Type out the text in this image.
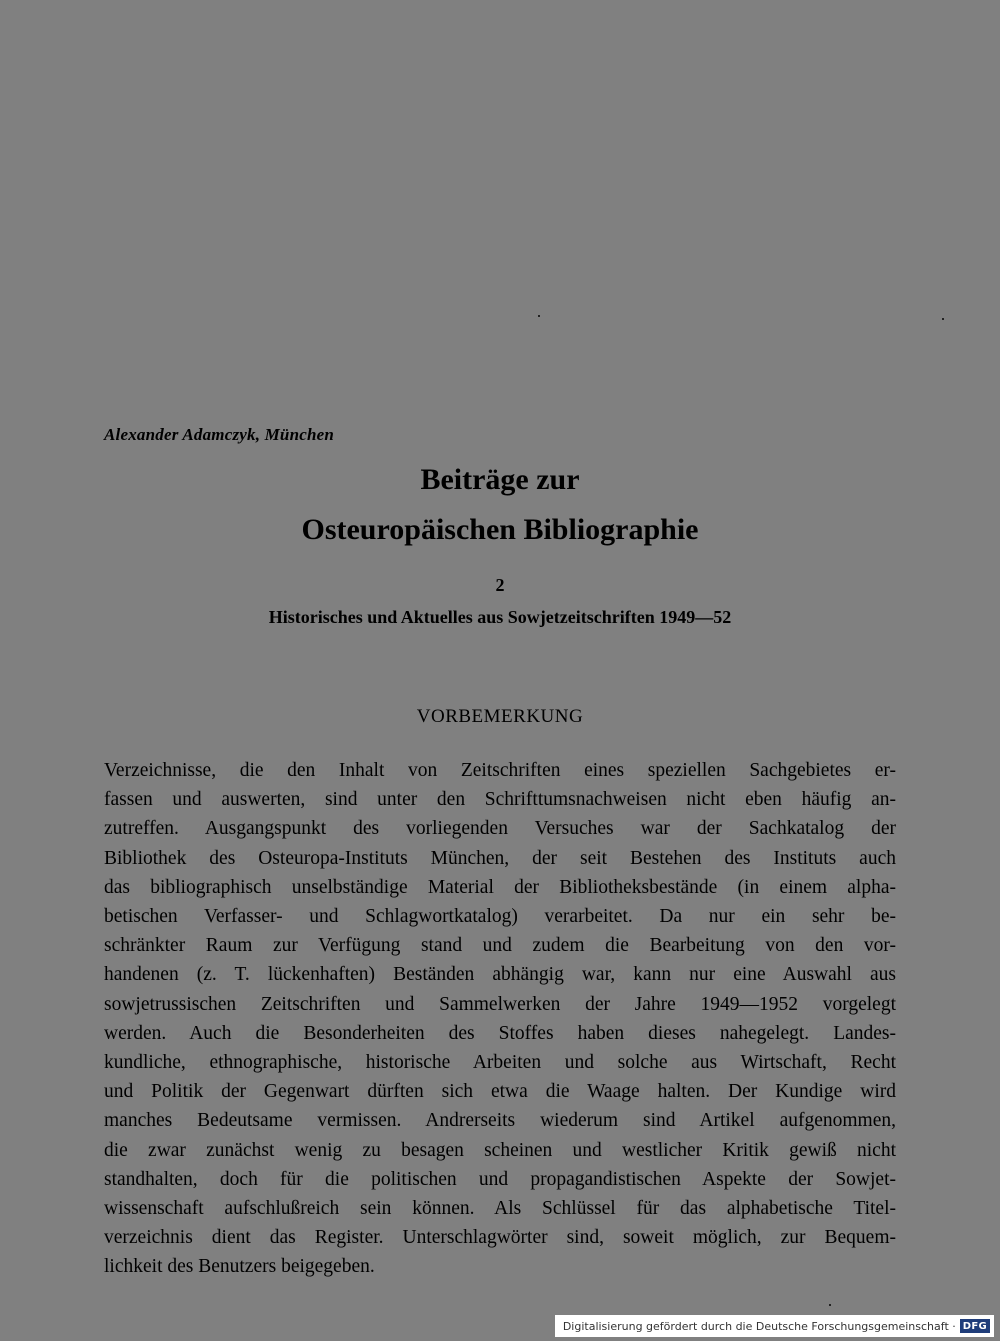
Alexander Adamczyk, München
Beiträge zur
Osteuropäischen Bibliographie
2
Historisches und Aktuelles aus Sowjetzeitschriften 1949—52
VORBEMERKUNG
Verzeichnisse, die den Inhalt von Zeitschriften eines speziellen Sachgebietes er-
fassen und auswerten, sind unter den Schrifttumsnachweisen nicht eben häufig an-
zutreffen. Ausgangspunkt des vorliegenden Versuches war der Sachkatalog der
Bibliothek des Osteuropa-Instituts München, der seit Bestehen des Instituts auch
das bibliographisch unselbständige Material der Bibliotheksbestände (in einem alpha-
betischen Verfasser- und Schlagwortkatalog) verarbeitet. Da nur ein sehr be-
schränkter Raum zur Verfügung stand und zudem die Bearbeitung von den vor-
handenen (z. T. lückenhaften) Beständen abhängig war, kann nur eine Auswahl aus
sowjetrussischen Zeitschriften und Sammelwerken der Jahre 1949—1952 vorgelegt
werden. Auch die Besonderheiten des Stoffes haben dieses nahegelegt. Landes-
kundliche, ethnographische, historische Arbeiten und solche aus Wirtschaft, Recht
und Politik der Gegenwart dürften sich etwa die Waage halten. Der Kundige wird
manches Bedeutsame vermissen. Andrerseits wiederum sind Artikel aufgenommen,
die zwar zunächst wenig zu besagen scheinen und westlicher Kritik gewiß nicht
standhalten, doch für die politischen und propagandistischen Aspekte der Sowjet-
wissenschaft aufschlußreich sein können. Als Schlüssel für das alphabetische Titel-
verzeichnis dient das Register. Unterschlagwörter sind, soweit möglich, zur Bequem-
lichkeit des Benutzers beigegeben.
Digitalisierung gefördert durch die Deutsche Forschungsgemeinschaft · DFG
